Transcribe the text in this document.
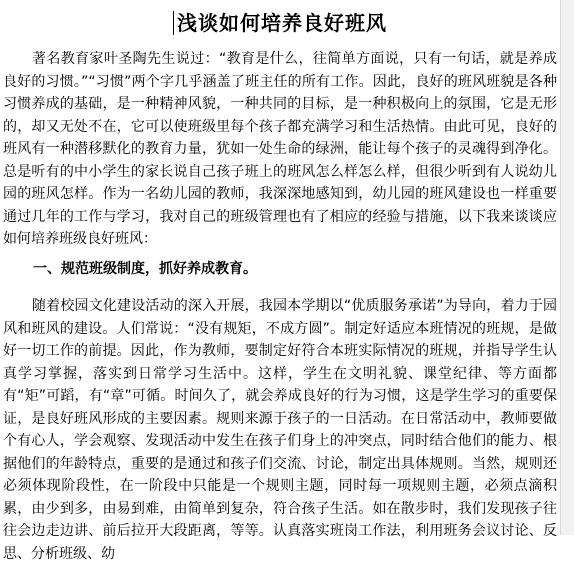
浅谈如何培养良好班风

著名教育家叶圣陶先生说过：“教育是什么，往简单方面说，只有一句话，就是养成良好的习惯。”“习惯”两个字几乎涵盖了班主任的所有工作。因此，良好的班风班貌是各种习惯养成的基础，是一种精神风貌，一种共同的目标，是一种积极向上的氛围，它是无形的，却又无处不在，它可以使班级里每个孩子都充满学习和生活热情。由此可见，良好的班风有一种潜移默化的教育力量，犹如一处生命的绿洲，能让每个孩子的灵魂得到净化。总是听有的中小学生的家长说自己孩子班上的班风怎么样怎么样，但很少听到有人说幼儿园的班风怎样。作为一名幼儿园的教师，我深深地感知到，幼儿园的班风建设也一样重要通过几年的工作与学习，我对自己的班级管理也有了相应的经验与措施，以下我来谈谈应如何培养班级良好班风：

一、规范班级制度，抓好养成教育。

随着校园文化建设活动的深入开展，我园本学期以“优质服务承诺”为导向，着力于园风和班风的建设。人们常说：“没有规矩，不成方圆”。制定好适应本班情况的班规，是做好一切工作的前提。因此，作为教师，要制定好符合本班实际情况的班规，并指导学生认真学习掌握，落实到日常学习生活中。这样，学生在文明礼貌、课堂纪律、等方面都有“矩”可蹈，有“章”可循。时间久了，就会养成良好的行为习惯，这是学生学习的重要保证，是良好班风形成的主要因素。规则来源于孩子的一日活动。在日常活动中，教师要做个有心人，学会观察、发现活动中发生在孩子们身上的冲突点，同时结合他们的能力、根据他们的年龄特点，重要的是通过和孩子们交流、讨论，制定出具体规则。当然，规则还必须体现阶段性，在一阶段中只能是一个规则主题，同时每一项规则主题，必须点滴积累，由少到多，由易到难，由简单到复杂，符合孩子生活。如在散步时，我们发现孩子往往会边走边讲、前后拉开大段距离，等等。认真落实班岗工作法，利用班务会议讨论、反思、分析班级、幼
